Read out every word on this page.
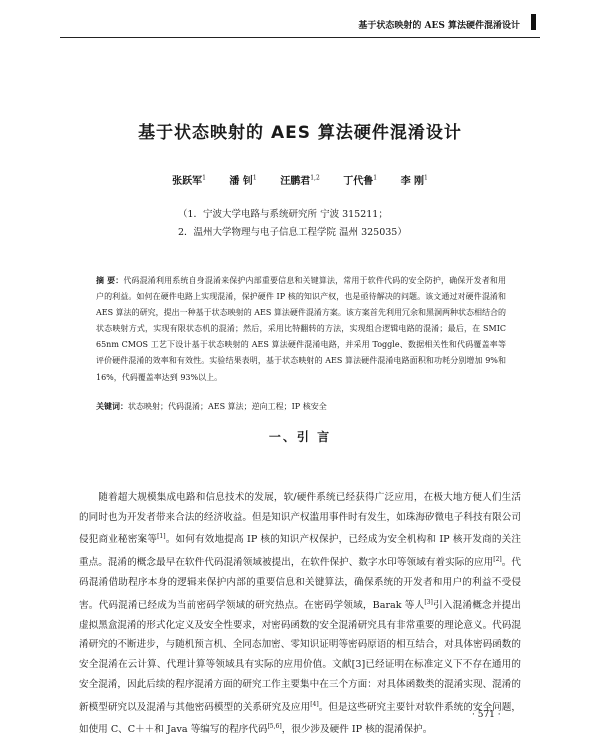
基于状态映射的 AES 算法硬件混淆设计
基于状态映射的 AES 算法硬件混淆设计
张跃军$^1$ 潘 钊$^1$ 汪鹏君$^{1,2}$ 丁代鲁$^1$ 李 刚$^1$
（1．宁波大学电路与系统研究所 宁波 315211；
2．温州大学物理与电子信息工程学院 温州 325035）
摘 要：代码混淆利用系统自身混淆来保护内部重要信息和关键算法，常用于软件代码的安全防护，确保开发者和用户的利益。如何在硬件电路上实现混淆，保护硬件 IP 核的知识产权，也是亟待解决的问题。该文通过对硬件混淆和 AES 算法的研究，提出一种基于状态映射的 AES 算法硬件混淆方案。该方案首先利用冗余和黑洞两种状态相结合的状态映射方式，实现有限状态机的混淆；然后，采用比特翻转的方法，实现组合逻辑电路的混淆；最后，在 SMIC 65nm CMOS 工艺下设计基于状态映射的 AES 算法硬件混淆电路，并采用 Toggle、数据相关性和代码覆盖率等评价硬件混淆的效率和有效性。实验结果表明，基于状态映射的 AES 算法硬件混淆电路面积和功耗分别增加 9%和 16%，代码覆盖率达到 93%以上。
关键词：状态映射；代码混淆；AES 算法；逆向工程；IP 核安全
一、引 言
随着超大规模集成电路和信息技术的发展，软/硬件系统已经获得广泛应用，在极大地方便人们生活的同时也为开发者带来合法的经济收益。但是知识产权滥用事件时有发生，如珠海矽微电子科技有限公司侵犯商业秘密案等[1]。如何有效地提高 IP 核的知识产权保护，已经成为安全机构和 IP 核开发商的关注重点。混淆的概念最早在软件代码混淆领域被提出，在软件保护、数字水印等领域有着实际的应用[2]。代码混淆借助程序本身的逻辑来保护内部的重要信息和关键算法，确保系统的开发者和用户的利益不受侵害。代码混淆已经成为当前密码学领域的研究热点。在密码学领域，Barak 等人[3]引入混淆概念并提出虚拟黑盒混淆的形式化定义及安全性要求，对密码函数的安全混淆研究具有非常重要的理论意义。代码混淆研究的不断进步，与随机预言机、全同态加密、零知识证明等密码原语的相互结合，对具体密码函数的安全混淆在云计算、代理计算等领域具有实际的应用价值。文献[3]已经证明在标准定义下不存在通用的安全混淆，因此后续的程序混淆方面的研究工作主要集中在三个方面：对具体函数类的混淆实现、混淆的新模型研究以及混淆与其他密码模型的关系研究及应用[4]。但是这些研究主要针对软件系统的安全问题，如使用 C、C＋＋和 Java 等编写的程序代码[5,6]，很少涉及硬件 IP 核的混淆保护。
· 571 ·
